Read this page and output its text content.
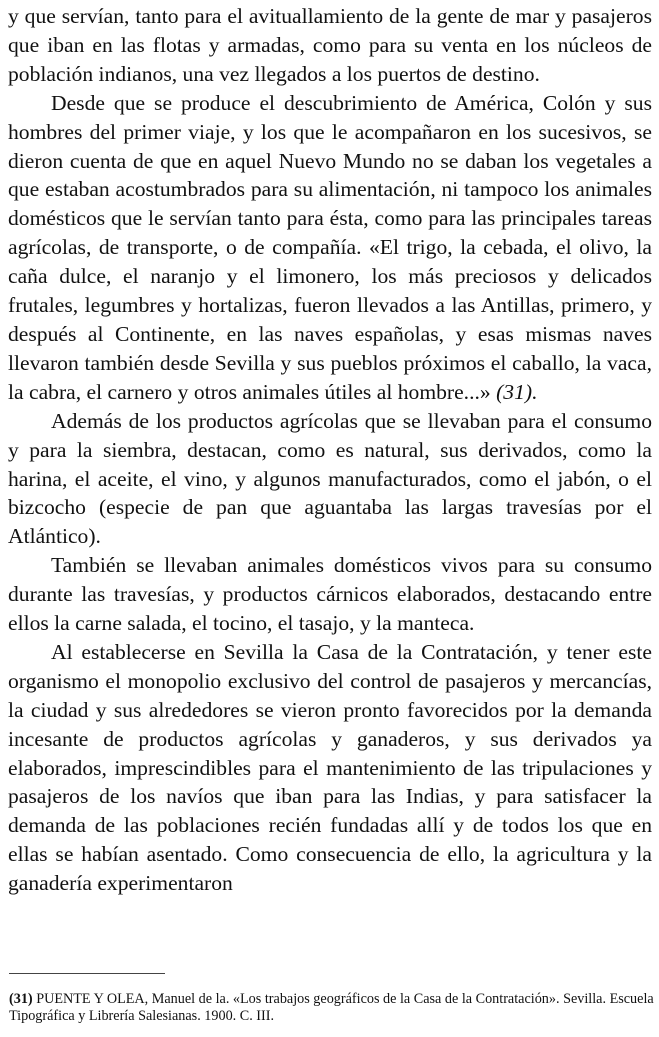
y que servían, tanto para el avituallamiento de la gente de mar y pasajeros que iban en las flotas y armadas, como para su venta en los núcleos de población indianos, una vez llegados a los puertos de destino.

Desde que se produce el descubrimiento de América, Colón y sus hombres del primer viaje, y los que le acompañaron en los sucesivos, se dieron cuenta de que en aquel Nuevo Mundo no se daban los vegetales a que estaban acostumbrados para su alimentación, ni tampoco los animales domésticos que le servían tanto para ésta, como para las principales tareas agrícolas, de transporte, o de compañía. «El trigo, la cebada, el olivo, la caña dulce, el naranjo y el limonero, los más preciosos y delicados frutales, legumbres y hortalizas, fueron llevados a las Antillas, primero, y después al Continente, en las naves españolas, y esas mismas naves llevaron también desde Sevilla y sus pueblos próximos el caballo, la vaca, la cabra, el carnero y otros animales útiles al hombre...» (31).

Además de los productos agrícolas que se llevaban para el consumo y para la siembra, destacan, como es natural, sus derivados, como la harina, el aceite, el vino, y algunos manufacturados, como el jabón, o el bizcocho (especie de pan que aguantaba las largas travesías por el Atlántico).

También se llevaban animales domésticos vivos para su consumo durante las travesías, y productos cárnicos elaborados, destacando entre ellos la carne salada, el tocino, el tasajo, y la manteca.

Al establecerse en Sevilla la Casa de la Contratación, y tener este organismo el monopolio exclusivo del control de pasajeros y mercancías, la ciudad y sus alrededores se vieron pronto favorecidos por la demanda incesante de productos agrícolas y ganaderos, y sus derivados ya elaborados, imprescindibles para el mantenimiento de las tripulaciones y pasajeros de los navíos que iban para las Indias, y para satisfacer la demanda de las poblaciones recién fundadas allí y de todos los que en ellas se habían asentado. Como consecuencia de ello, la agricultura y la ganadería experimentaron

(31) PUENTE Y OLEA, Manuel de la. «Los trabajos geográficos de la Casa de la Contratación». Sevilla. Escuela Tipográfica y Librería Salesianas. 1900. C. III.
